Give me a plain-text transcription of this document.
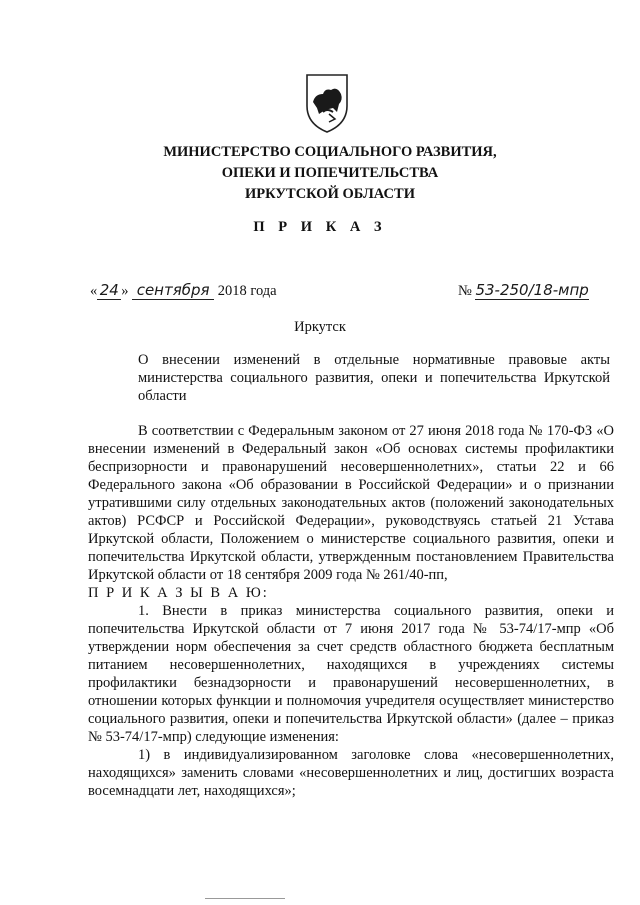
МИНИСТЕРСТВО СОЦИАЛЬНОГО РАЗВИТИЯ,
ОПЕКИ И ПОПЕЧИТЕЛЬСТВА
ИРКУТСКОЙ ОБЛАСТИ
П Р И К А З
« 24 » сентября 2018 года	№ 53-250/18-мпр
Иркутск
О внесении изменений в отдельные нормативные правовые акты министерства социального развития, опеки и попечительства Иркутской области

В соответствии с Федеральным законом от 27 июня 2018 года № 170-ФЗ «О внесении изменений в Федеральный закон «Об основах системы профилактики беспризорности и правонарушений несовершеннолетних», статьи 22 и 66 Федерального закона «Об образовании в Российской Федерации» и о признании утратившими силу отдельных законодательных актов (положений законодательных актов) РСФСР и Российской Федерации», руководствуясь статьей 21 Устава Иркутской области, Положением о министерстве социального развития, опеки и попечительства Иркутской области, утвержденным постановлением Правительства Иркутской области от 18 сентября 2009 года № 261/40-пп,

П Р И К А З Ы В А Ю:

1. Внести в приказ министерства социального развития, опеки и попечительства Иркутской области от 7 июня 2017 года № 53-74/17-мпр «Об утверждении норм обеспечения за счет средств областного бюджета бесплатным питанием несовершеннолетних, находящихся в учреждениях системы профилактики безнадзорности и правонарушений несовершеннолетних, в отношении которых функции и полномочия учредителя осуществляет министерство социального развития, опеки и попечительства Иркутской области» (далее – приказ № 53-74/17-мпр) следующие изменения:

1) в индивидуализированном заголовке слова «несовершеннолетних, находящихся» заменить словами «несовершеннолетних и лиц, достигших возраста восемнадцати лет, находящихся»;
